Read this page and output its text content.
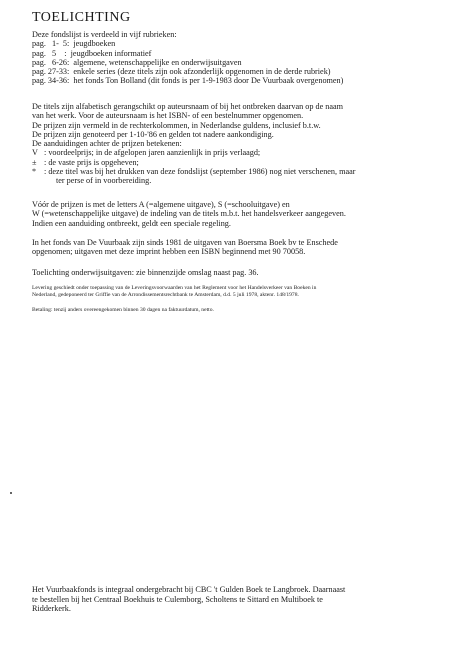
TOELICHTING
Deze fondslijst is verdeeld in vijf rubrieken:
pag.   1-  5:  jeugdboeken
pag.   5    :  jeugdboeken informatief
pag.   6-26:  algemene, wetenschappelijke en onderwijsuitgaven
pag. 27-33:  enkele series (deze titels zijn ook afzonderlijk opgenomen in de derde rubriek)
pag. 34-36:  het fonds Ton Bolland (dit fonds is per 1-9-1983 door De Vuurbaak overgenomen)
De titels zijn alfabetisch gerangschikt op auteursnaam of bij het ontbreken daarvan op de naam
van het werk. Voor de auteursnaam is het ISBN- of een bestelnummer opgenomen.
De prijzen zijn vermeld in de rechterkolommen, in Nederlandse guldens, inclusief b.t.w.
De prijzen zijn genoteerd per 1-10-'86 en gelden tot nadere aankondiging.
De aanduidingen achter de prijzen betekenen:
V : voordeelprijs; in de afgelopen jaren aanzienlijk in prijs verlaagd;
± : de vaste prijs is opgeheven;
* : deze titel was bij het drukken van deze fondslijst (september 1986) nog niet verschenen, maar
ter perse of in voorbereiding.
Vóór de prijzen is met de letters A (=algemene uitgave), S (=schooluitgave) en
W (=wetenschappelijke uitgave) de indeling van de titels m.b.t. het handelsverkeer aangegeven.
Indien een aanduiding ontbreekt, geldt een speciale regeling.
In het fonds van De Vuurbaak zijn sinds 1981 de uitgaven van Boersma Boek bv te Enschede
opgenomen; uitgaven met deze imprint hebben een ISBN beginnend met 90 70058.
Toelichting onderwijsuitgaven: zie binnenzijde omslag naast pag. 36.
Levering geschiedt onder toepassing van de Leveringsvoorwaarden van het Reglement voor het Handelsverkeer van Boeken in
Nederland, gedeponeerd ter Griffie van de Arrondissementsrechtbank te Amsterdam, d.d. 5 juli 1978, aktenr. 148/1978.
Betaling: tenzij anders overeengekomen binnen 30 dagen na faktuurdatum, netto.
Het Vuurbaakfonds is integraal ondergebracht bij CBC 't Gulden Boek te Langbroek. Daarnaast
te bestellen bij het Centraal Boekhuis te Culemborg, Scholtens te Sittard en Multiboek te
Ridderkerk.
